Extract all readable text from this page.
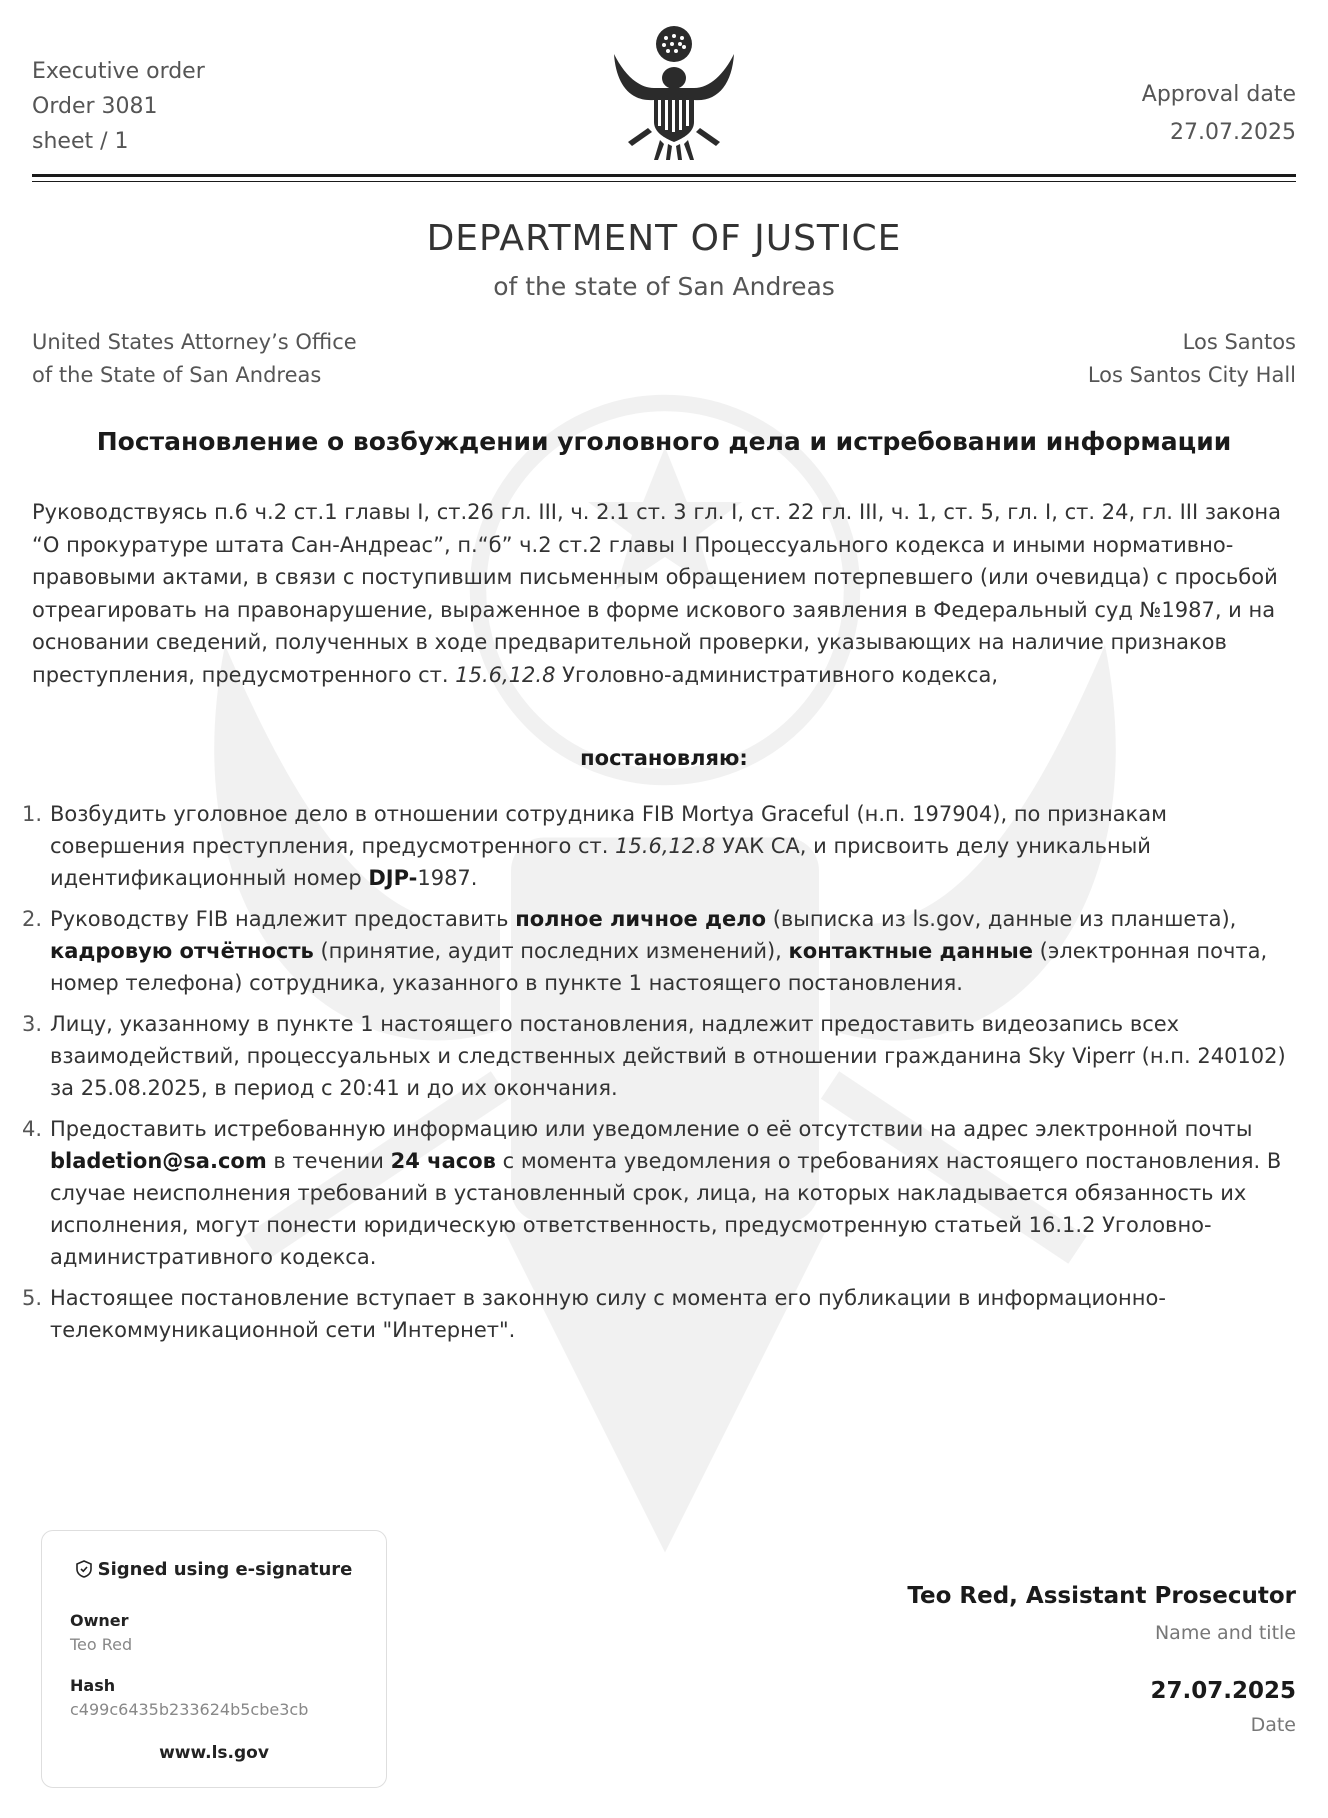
Executive order
Order 3081
sheet / 1
Approval date
27.07.2025
DEPARTMENT OF JUSTICE
of the state of San Andreas
United States Attorney’s Office
of the State of San Andreas
Los Santos
Los Santos City Hall
Постановление о возбуждении уголовного дела и истребовании информации
Руководствуясь п.6 ч.2 ст.1 главы I, ст.26 гл. III, ч. 2.1 ст. 3 гл. I, ст. 22 гл. III, ч. 1, ст. 5, гл. I, ст. 24, гл. III закона “О прокуратуре штата Сан-Андреас”, п.“б” ч.2 ст.2 главы I Процессуального кодекса и иными нормативно-правовыми актами, в связи с поступившим письменным обращением потерпевшего (или очевидца) с просьбой отреагировать на правонарушение, выраженное в форме искового заявления в Федеральный суд №1987, и на основании сведений, полученных в ходе предварительной проверки, указывающих на наличие признаков преступления, предусмотренного ст. 15.6,12.8 Уголовно-административного кодекса,
постановляю:
1. Возбудить уголовное дело в отношении сотрудника FIB Mortya Graceful (н.п. 197904), по признакам совершения преступления, предусмотренного ст. 15.6,12.8 УАК СА, и присвоить делу уникальный идентификационный номер DJP-1987.
2. Руководству FIB надлежит предоставить полное личное дело (выписка из ls.gov, данные из планшета), кадровую отчётность (принятие, аудит последних изменений), контактные данные (электронная почта, номер телефона) сотрудника, указанного в пункте 1 настоящего постановления.
3. Лицу, указанному в пункте 1 настоящего постановления, надлежит предоставить видеозапись всех взаимодействий, процессуальных и следственных действий в отношении гражданина Sky Viperr (н.п. 240102) за 25.08.2025, в период с 20:41 и до их окончания.
4. Предоставить истребованную информацию или уведомление о её отсутствии на адрес электронной почты bladetion@sa.com в течении 24 часов с момента уведомления о требованиях настоящего постановления. В случае неисполнения требований в установленный срок, лица, на которых накладывается обязанность их исполнения, могут понести юридическую ответственность, предусмотренную статьей 16.1.2 Уголовно-административного кодекса.
5. Настоящее постановление вступает в законную силу с момента его публикации в информационно-телекоммуникационной сети "Интернет".
Signed using e-signature
Owner
Teo Red
Hash
c499c6435b233624b5cbe3cb
www.ls.gov
Teo Red, Assistant Prosecutor
Name and title
27.07.2025
Date
